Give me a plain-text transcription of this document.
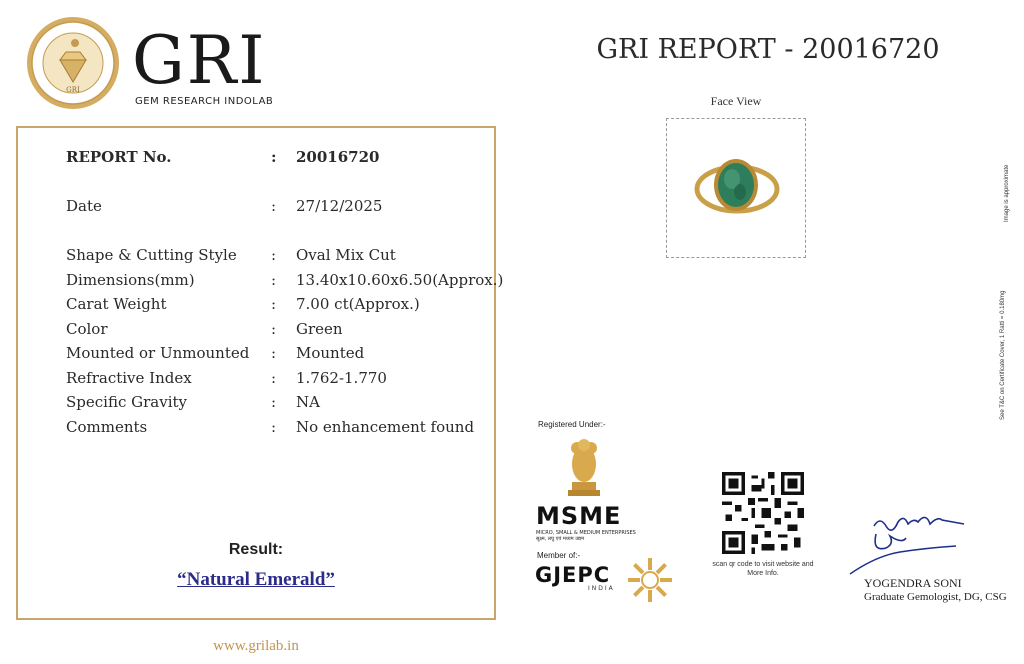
GRI GRI
GEM RESEARCH INDOLAB
REPORT No.	: 20016720
Date	: 27/12/2025
Shape & Cutting Style : Oval Mix Cut
Dimensions(mm)	: 13.40x10.60x6.50(Approx.)
Carat Weight	: 7.00 ct(Approx.)
Color	: Green
Mounted or Unmounted : Mounted
Refractive Index	: 1.762-1.770
Specific Gravity	: NA
Comments	: No enhancement found
Result:
“Natural Emerald”
www.grilab.in
GRI REPORT - 20016720
Face View
Registered Under:-
MSME
MICRO, SMALL & MEDIUM ENTERPRISES
सूक्ष्म, लघु एवं मध्यम उद्यम
Member of:-
GJEPC
INDIA
scan qr code to visit website and More Info.
YOGENDRA SONI
Graduate Gemologist, DG, CSG
See T&C on Certificate Cover, 1 Ratti = 0.180mg
Image is approximate
